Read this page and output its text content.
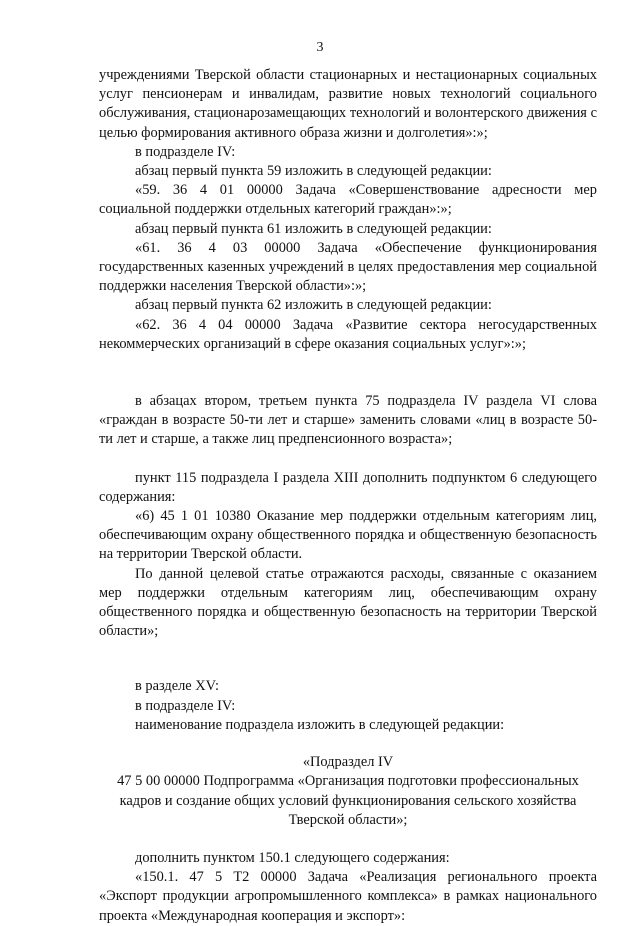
3

учреждениями Тверской области стационарных и нестационарных социальных услуг пенсионерам и инвалидам, развитие новых технологий социального обслуживания, стационарозамещающих технологий и волонтерского движения с целью формирования активного образа жизни и долголетия»:»;

в подразделе IV:

абзац первый пункта 59 изложить в следующей редакции:

«59. 36 4 01 00000 Задача «Совершенствование адресности мер социальной поддержки отдельных категорий граждан»:»;

абзац первый пункта 61 изложить в следующей редакции:

«61. 36 4 03 00000 Задача «Обеспечение функционирования государственных казенных учреждений в целях предоставления мер социальной поддержки населения Тверской области»:»;

абзац первый пункта 62 изложить в следующей редакции:

«62. 36 4 04 00000 Задача «Развитие сектора негосударственных некоммерческих организаций в сфере оказания социальных услуг»:»;

в абзацах втором, третьем пункта 75 подраздела IV раздела VI слова «граждан в возрасте 50-ти лет и старше» заменить словами «лиц в возрасте 50-ти лет и старше, а также лиц предпенсионного возраста»;

пункт 115 подраздела I раздела XIII дополнить подпунктом 6 следующего содержания:

«6) 45 1 01 10380 Оказание мер поддержки отдельным категориям лиц, обеспечивающим охрану общественного порядка и общественную безопасность на территории Тверской области.

По данной целевой статье отражаются расходы, связанные с оказанием мер поддержки отдельным категориям лиц, обеспечивающим охрану общественного порядка и общественную безопасность на территории Тверской области»;

в разделе XV:

в подразделе IV:

наименование подраздела изложить в следующей редакции:

«Подраздел IV

47 5 00 00000 Подпрограмма «Организация подготовки профессиональных кадров и создание общих условий функционирования сельского хозяйства Тверской области»;

дополнить пунктом 150.1 следующего содержания:

«150.1. 47 5 Т2 00000 Задача «Реализация регионального проекта «Экспорт продукции агропромышленного комплекса» в рамках национального проекта «Международная кооперация и экспорт»:
